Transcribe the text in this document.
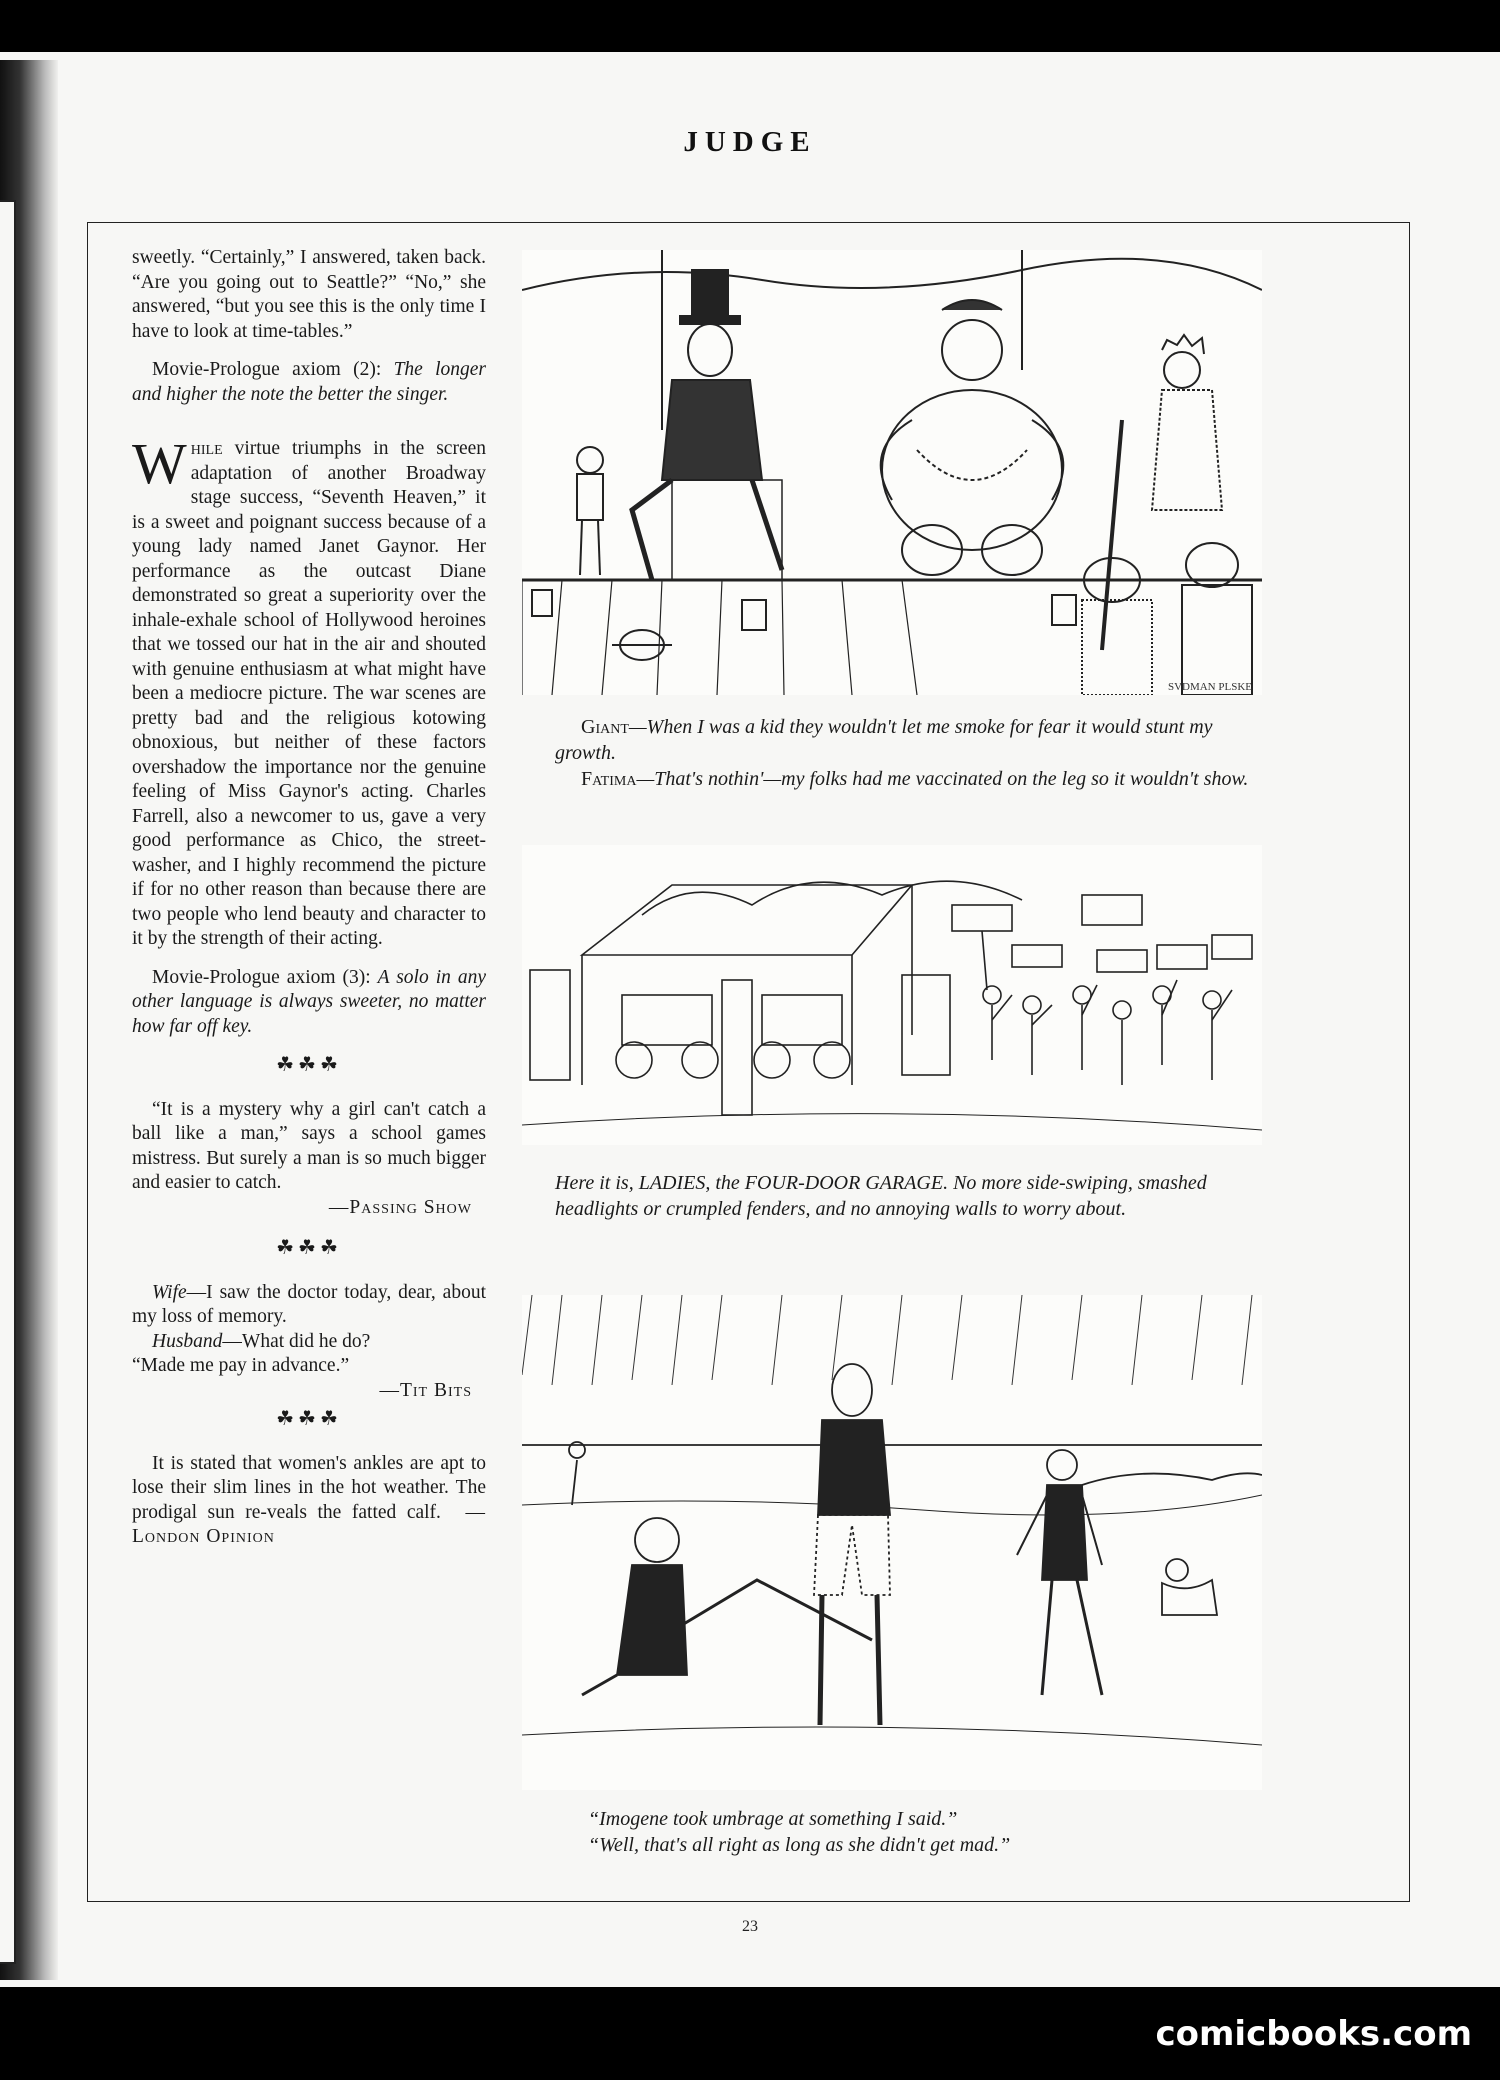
JUDGE

sweetly. “Certainly,” I answered, taken back. “Are you going out to Seattle?” “No,” she answered, “but you see this is the only time I have to look at time-tables.”

Movie-Prologue axiom (2): The longer and higher the note the better the singer.

While virtue triumphs in the screen adaptation of another Broadway stage success, “Seventh Heaven,” it is a sweet and poignant success because of a young lady named Janet Gaynor. Her performance as the outcast Diane demonstrated so great a superiority over the inhale-exhale school of Hollywood heroines that we tossed our hat in the air and shouted with genuine enthusiasm at what might have been a mediocre picture. The war scenes are pretty bad and the religious kotowing obnoxious, but neither of these factors overshadow the importance nor the genuine feeling of Miss Gaynor's acting. Charles Farrell, also a newcomer to us, gave a very good performance as Chico, the street-washer, and I highly recommend the picture if for no other reason than because there are two people who lend beauty and character to it by the strength of their acting.

Movie-Prologue axiom (3): A solo in any other language is always sweeter, no matter how far off key.

☘☘☘

“It is a mystery why a girl can't catch a ball like a man,” says a school games mistress. But surely a man is so much bigger and easier to catch.

—Passing Show
☘☘☘

Wife—I saw the doctor today, dear, about my loss of memory.
Husband—What did he do?
“Made me pay in advance.”

—Tit Bits
☘☘☘

It is stated that women's ankles are apt to lose their slim lines in the hot weather. The prodigal sun re-veals the fatted calf. —London Opinion

SVDMAN PLSKE
Giant—When I was a kid they wouldn't let me smoke for fear it would stunt my growth.
Fatima—That's nothin'—my folks had me vaccinated on the leg so it wouldn't show.
Here it is, LADIES, the FOUR-DOOR GARAGE. No more side-swiping, smashed headlights or crumpled fenders, and no annoying walls to worry about.
“Imogene took umbrage at something I said.”
“Well, that's all right as long as she didn't get mad.”
23
comicbooks.com
